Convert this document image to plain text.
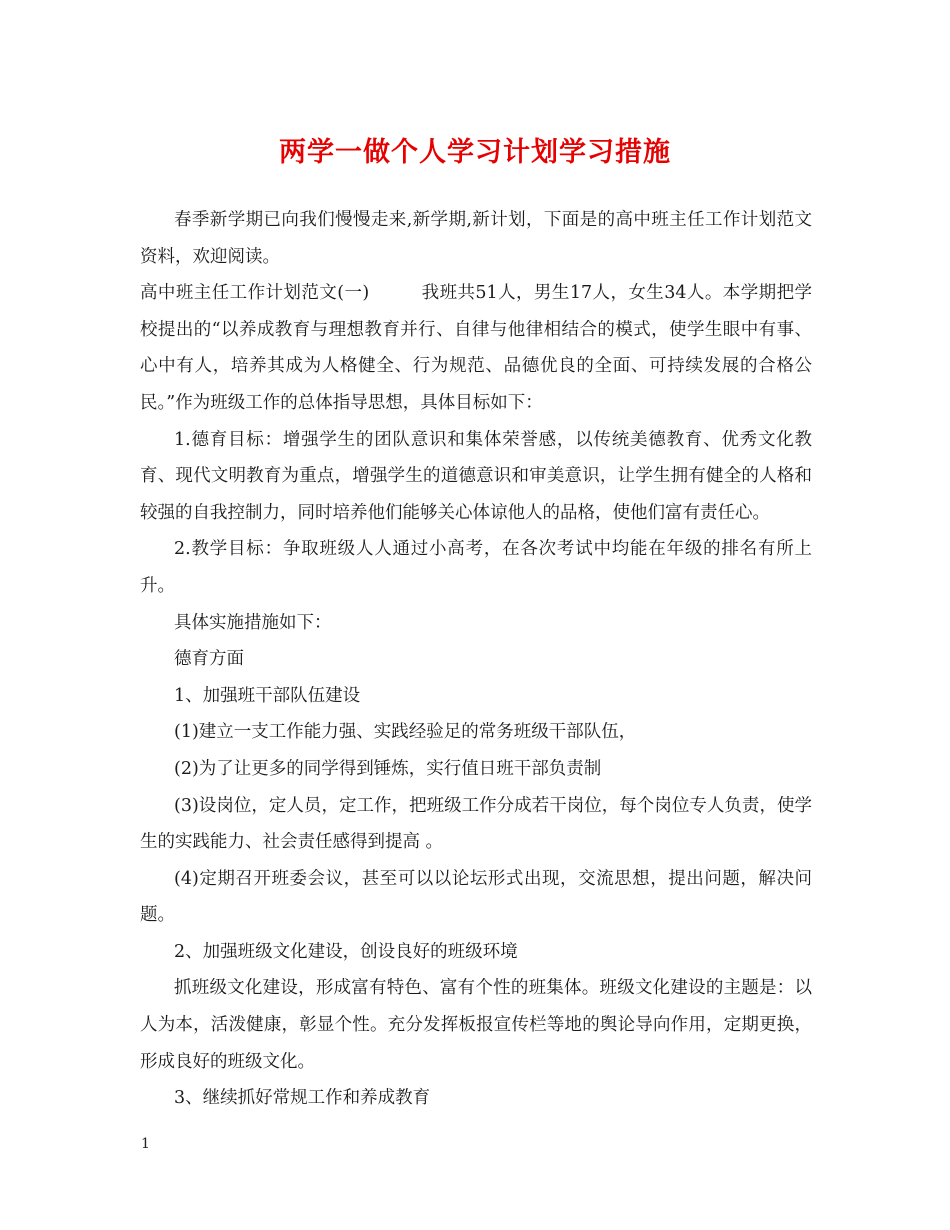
两学一做个人学习计划学习措施

春季新学期已向我们慢慢走来,新学期,新计划，下面是的高中班主任工作计划范文资料，欢迎阅读。

高中班主任工作计划范文(一)	我班共51人，男生17人，女生34人。本学期把学校提出的“以养成教育与理想教育并行、自律与他律相结合的模式，使学生眼中有事、心中有人，培养其成为人格健全、行为规范、品德优良的全面、可持续发展的合格公民。”作为班级工作的总体指导思想，具体目标如下：

1.德育目标：增强学生的团队意识和集体荣誉感，以传统美德教育、优秀文化教育、现代文明教育为重点，增强学生的道德意识和审美意识，让学生拥有健全的人格和较强的自我控制力，同时培养他们能够关心体谅他人的品格，使他们富有责任心。

2.教学目标：争取班级人人通过小高考，在各次考试中均能在年级的排名有所上升。

具体实施措施如下：

德育方面

1、加强班干部队伍建设

(1)建立一支工作能力强、实践经验足的常务班级干部队伍，

(2)为了让更多的同学得到锤炼，实行值日班干部负责制

(3)设岗位，定人员，定工作，把班级工作分成若干岗位，每个岗位专人负责，使学生的实践能力、社会责任感得到提高 。

(4)定期召开班委会议，甚至可以以论坛形式出现，交流思想，提出问题，解决问题。

2、加强班级文化建设，创设良好的班级环境

抓班级文化建设，形成富有特色、富有个性的班集体。班级文化建设的主题是：以人为本，活泼健康，彰显个性。充分发挥板报宣传栏等地的舆论导向作用，定期更换，形成良好的班级文化。

3、继续抓好常规工作和养成教育

1
